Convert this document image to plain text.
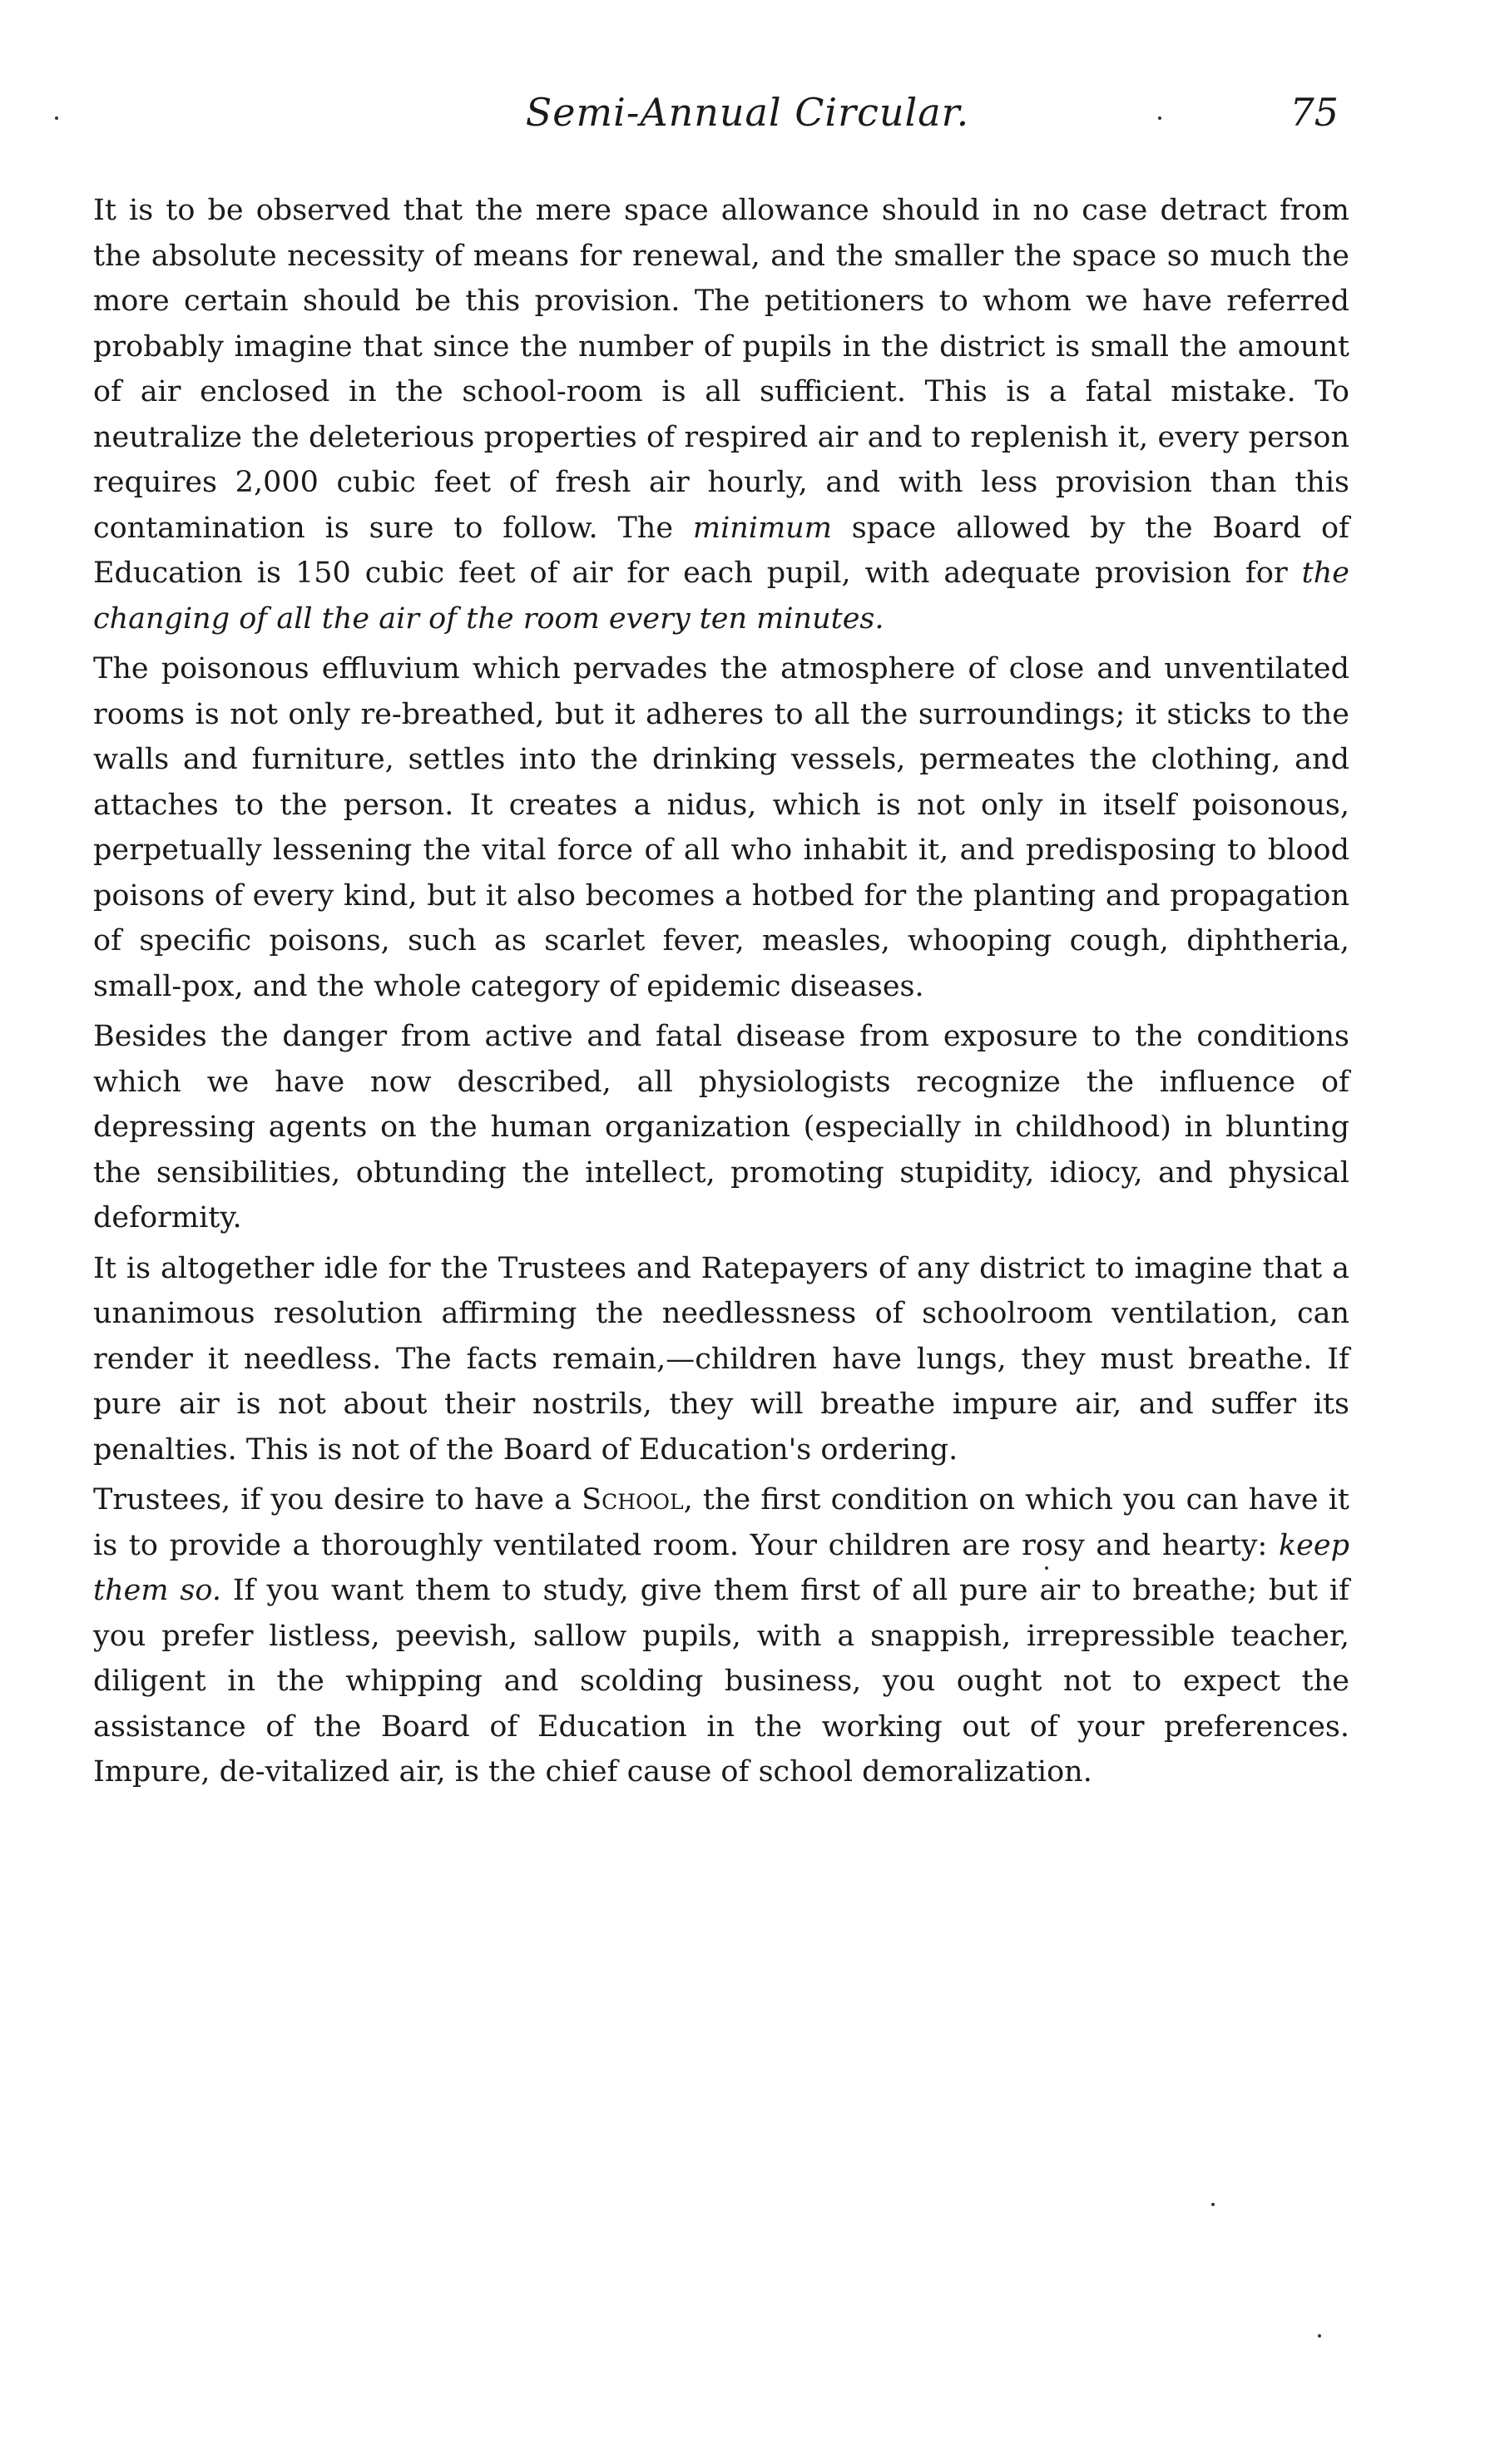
Semi-Annual Circular.	75

It is to be observed that the mere space allowance should in no case detract from the absolute necessity of means for renewal, and the smaller the space so much the more certain should be this provision. The petitioners to whom we have referred probably imagine that since the number of pupils in the district is small the amount of air enclosed in the school-room is all sufficient. This is a fatal mistake. To neutralize the deleterious properties of respired air and to replenish it, every person requires 2,000 cubic feet of fresh air hourly, and with less provision than this contamination is sure to follow. The minimum space allowed by the Board of Education is 150 cubic feet of air for each pupil, with adequate provision for the changing of all the air of the room every ten minutes.

The poisonous effluvium which pervades the atmosphere of close and unventilated rooms is not only re-breathed, but it adheres to all the surroundings; it sticks to the walls and furniture, settles into the drinking vessels, permeates the clothing, and attaches to the person. It creates a nidus, which is not only in itself poisonous, perpetually lessening the vital force of all who inhabit it, and predisposing to blood poisons of every kind, but it also becomes a hotbed for the planting and propagation of specific poisons, such as scarlet fever, measles, whooping cough, diphtheria, small-pox, and the whole category of epidemic diseases.

Besides the danger from active and fatal disease from exposure to the conditions which we have now described, all physiologists recognize the influence of depressing agents on the human organization (especially in childhood) in blunting the sensibilities, obtunding the intellect, promoting stupidity, idiocy, and physical deformity.

It is altogether idle for the Trustees and Ratepayers of any district to imagine that a unanimous resolution affirming the needlessness of schoolroom ventilation, can render it needless. The facts remain,—children have lungs, they must breathe. If pure air is not about their nostrils, they will breathe impure air, and suffer its penalties. This is not of the Board of Education's ordering.

Trustees, if you desire to have a School, the first condition on which you can have it is to provide a thoroughly ventilated room. Your children are rosy and hearty: keep them so. If you want them to study, give them first of all pure air to breathe; but if you prefer listless, peevish, sallow pupils, with a snappish, irrepressible teacher, diligent in the whipping and scolding business, you ought not to expect the assistance of the Board of Education in the working out of your preferences. Impure, de-vitalized air, is the chief cause of school demoralization.
